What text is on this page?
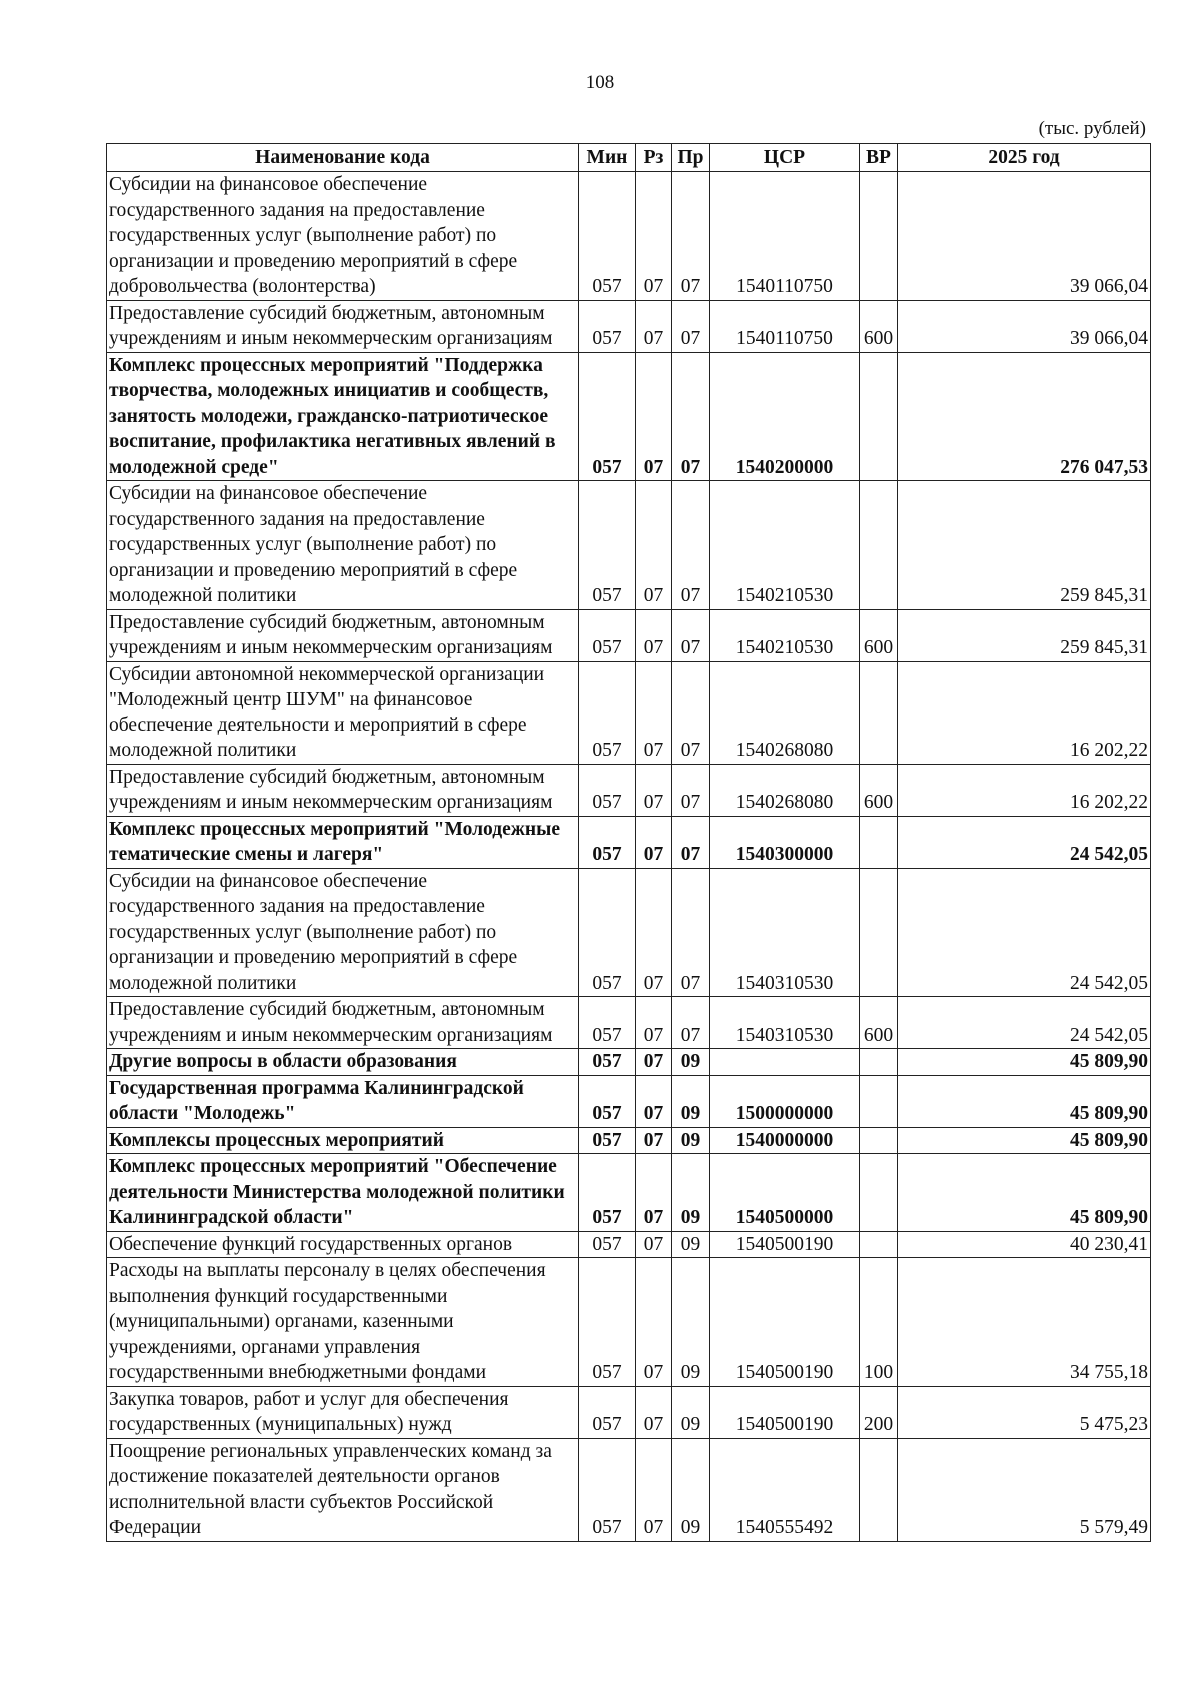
108
(тыс. рублей)
Наименование кода	Мин	Рз	Пр	ЦСР	ВР	2025 год
Субсидии на финансовое обеспечение государственного задания на предоставление государственных услуг (выполнение работ) по организации и проведению мероприятий в сфере добровольчества (волонтерства)	057	07	07	1540110750		39 066,04
Предоставление субсидий бюджетным, автономным учреждениям и иным некоммерческим организациям	057	07	07	1540110750	600	39 066,04
Комплекс процессных мероприятий "Поддержка творчества, молодежных инициатив и сообществ, занятость молодежи, гражданско-патриотическое воспитание, профилактика негативных явлений в молодежной среде"	057	07	07	1540200000		276 047,53
Субсидии на финансовое обеспечение государственного задания на предоставление государственных услуг (выполнение работ) по организации и проведению мероприятий в сфере молодежной политики	057	07	07	1540210530		259 845,31
Предоставление субсидий бюджетным, автономным учреждениям и иным некоммерческим организациям	057	07	07	1540210530	600	259 845,31
Субсидии автономной некоммерческой организации "Молодежный центр ШУМ" на финансовое обеспечение деятельности и мероприятий в сфере молодежной политики	057	07	07	1540268080		16 202,22
Предоставление субсидий бюджетным, автономным учреждениям и иным некоммерческим организациям	057	07	07	1540268080	600	16 202,22
Комплекс процессных мероприятий "Молодежные тематические смены и лагеря"	057	07	07	1540300000		24 542,05
Субсидии на финансовое обеспечение государственного задания на предоставление государственных услуг (выполнение работ) по организации и проведению мероприятий в сфере молодежной политики	057	07	07	1540310530		24 542,05
Предоставление субсидий бюджетным, автономным учреждениям и иным некоммерческим организациям	057	07	07	1540310530	600	24 542,05
Другие вопросы в области образования	057	07	09			45 809,90
Государственная программа Калининградской области "Молодежь"	057	07	09	1500000000		45 809,90
Комплексы процессных мероприятий	057	07	09	1540000000		45 809,90
Комплекс процессных мероприятий "Обеспечение деятельности Министерства молодежной политики Калининградской области"	057	07	09	1540500000		45 809,90
Обеспечение функций государственных органов	057	07	09	1540500190		40 230,41
Расходы на выплаты персоналу в целях обеспечения выполнения функций государственными (муниципальными) органами, казенными учреждениями, органами управления государственными внебюджетными фондами	057	07	09	1540500190	100	34 755,18
Закупка товаров, работ и услуг для обеспечения государственных (муниципальных) нужд	057	07	09	1540500190	200	5 475,23
Поощрение региональных управленческих команд за достижение показателей деятельности органов исполнительной власти субъектов Российской Федерации	057	07	09	1540555492		5 579,49
